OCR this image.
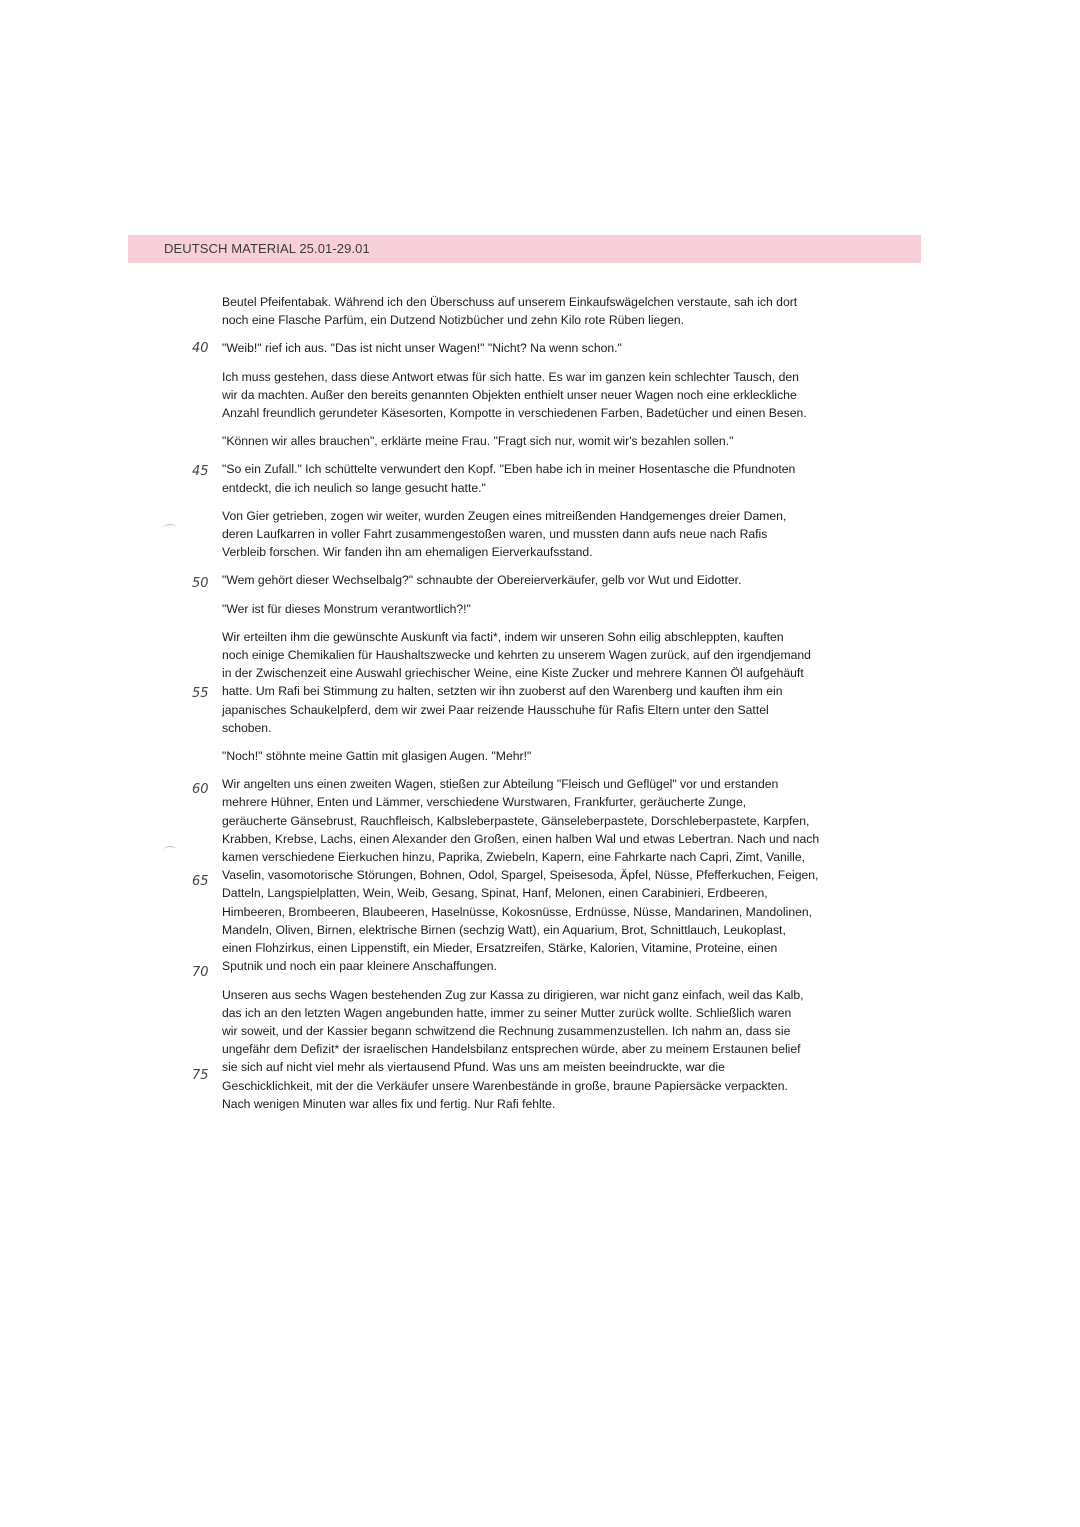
DEUTSCH MATERIAL 25.01-29.01
40
45
50
55
60
65
70
75

Beutel Pfeifentabak. Während ich den Überschuss auf unserem Einkaufswägelchen verstaute, sah ich dort
noch eine Flasche Parfüm, ein Dutzend Notizbücher und zehn Kilo rote Rüben liegen.

"Weib!" rief ich aus. "Das ist nicht unser Wagen!" "Nicht? Na wenn schon."

Ich muss gestehen, dass diese Antwort etwas für sich hatte. Es war im ganzen kein schlechter Tausch, den
wir da machten. Außer den bereits genannten Objekten enthielt unser neuer Wagen noch eine erkleckliche
Anzahl freundlich gerundeter Käsesorten, Kompotte in verschiedenen Farben, Badetücher und einen Besen.

"Können wir alles brauchen", erklärte meine Frau. "Fragt sich nur, womit wir's bezahlen sollen."

"So ein Zufall." Ich schüttelte verwundert den Kopf. "Eben habe ich in meiner Hosentasche die Pfundnoten
entdeckt, die ich neulich so lange gesucht hatte."

Von Gier getrieben, zogen wir weiter, wurden Zeugen eines mitreißenden Handgemenges dreier Damen,
deren Laufkarren in voller Fahrt zusammengestoßen waren, und mussten dann aufs neue nach Rafis
Verbleib forschen. Wir fanden ihn am ehemaligen Eierverkaufsstand.

"Wem gehört dieser Wechselbalg?" schnaubte der Obereierverkäufer, gelb vor Wut und Eidotter.

"Wer ist für dieses Monstrum verantwortlich?!"

Wir erteilten ihm die gewünschte Auskunft via facti*, indem wir unseren Sohn eilig abschleppten, kauften
noch einige Chemikalien für Haushaltszwecke und kehrten zu unserem Wagen zurück, auf den irgendjemand
in der Zwischenzeit eine Auswahl griechischer Weine, eine Kiste Zucker und mehrere Kannen Öl aufgehäuft
hatte. Um Rafi bei Stimmung zu halten, setzten wir ihn zuoberst auf den Warenberg und kauften ihm ein
japanisches Schaukelpferd, dem wir zwei Paar reizende Hausschuhe für Rafis Eltern unter den Sattel
schoben.

"Noch!" stöhnte meine Gattin mit glasigen Augen. "Mehr!"

Wir angelten uns einen zweiten Wagen, stießen zur Abteilung "Fleisch und Geflügel" vor und erstanden
mehrere Hühner, Enten und Lämmer, verschiedene Wurstwaren, Frankfurter, geräucherte Zunge,
geräucherte Gänsebrust, Rauchfleisch, Kalbsleberpastete, Gänseleberpastete, Dorschleberpastete, Karpfen,
Krabben, Krebse, Lachs, einen Alexander den Großen, einen halben Wal und etwas Lebertran. Nach und nach
kamen verschiedene Eierkuchen hinzu, Paprika, Zwiebeln, Kapern, eine Fahrkarte nach Capri, Zimt, Vanille,
Vaselin, vasomotorische Störungen, Bohnen, Odol, Spargel, Speisesoda, Äpfel, Nüsse, Pfefferkuchen, Feigen,
Datteln, Langspielplatten, Wein, Weib, Gesang, Spinat, Hanf, Melonen, einen Carabinieri, Erdbeeren,
Himbeeren, Brombeeren, Blaubeeren, Haselnüsse, Kokosnüsse, Erdnüsse, Nüsse, Mandarinen, Mandolinen,
Mandeln, Oliven, Birnen, elektrische Birnen (sechzig Watt), ein Aquarium, Brot, Schnittlauch, Leukoplast,
einen Flohzirkus, einen Lippenstift, ein Mieder, Ersatzreifen, Stärke, Kalorien, Vitamine, Proteine, einen
Sputnik und noch ein paar kleinere Anschaffungen.

Unseren aus sechs Wagen bestehenden Zug zur Kassa zu dirigieren, war nicht ganz einfach, weil das Kalb,
das ich an den letzten Wagen angebunden hatte, immer zu seiner Mutter zurück wollte. Schließlich waren
wir soweit, und der Kassier begann schwitzend die Rechnung zusammenzustellen. Ich nahm an, dass sie
ungefähr dem Defizit* der israelischen Handelsbilanz entsprechen würde, aber zu meinem Erstaunen belief
sie sich auf nicht viel mehr als viertausend Pfund. Was uns am meisten beeindruckte, war die
Geschicklichkeit, mit der die Verkäufer unsere Warenbestände in große, braune Papiersäcke verpackten.
Nach wenigen Minuten war alles fix und fertig. Nur Rafi fehlte.
